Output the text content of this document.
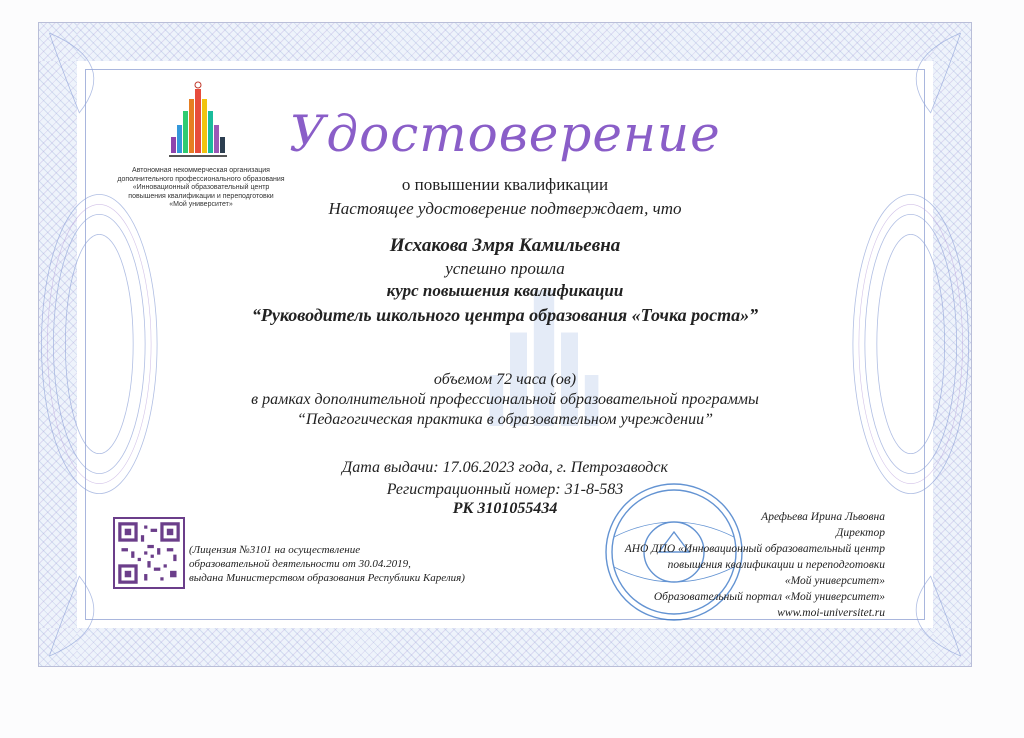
Автономная некоммерческая организация
дополнительного профессионального образования
«Инновационный образовательный центр
повышения квалификации и переподготовки
«Мой университет»
Удостоверение
о повышении квалификации
Настоящее удостоверение подтверждает, что
Исхакова Змря Камильевна
успешно прошла
курс повышения квалификации
“Руководитель школьного центра образования «Точка роста»”
объемом 72 часа (ов)
в рамках дополнительной профессиональной образовательной программы
“Педагогическая практика в образовательном учреждении”
Дата выдачи: 17.06.2023 года, г. Петрозаводск
Регистрационный номер: 31-8-583
РК 3101055434
(Лицензия №3101 на осуществление
образовательной деятельности от 30.04.2019,
выдана Министерством образования Республики Карелия)
Арефьева Ирина Львовна
Директор
АНО ДПО «Инновационный образовательный центр
повышения квалификации и переподготовки
«Мой университет»
Образовательный портал «Мой университет»
www.moi-universitet.ru
